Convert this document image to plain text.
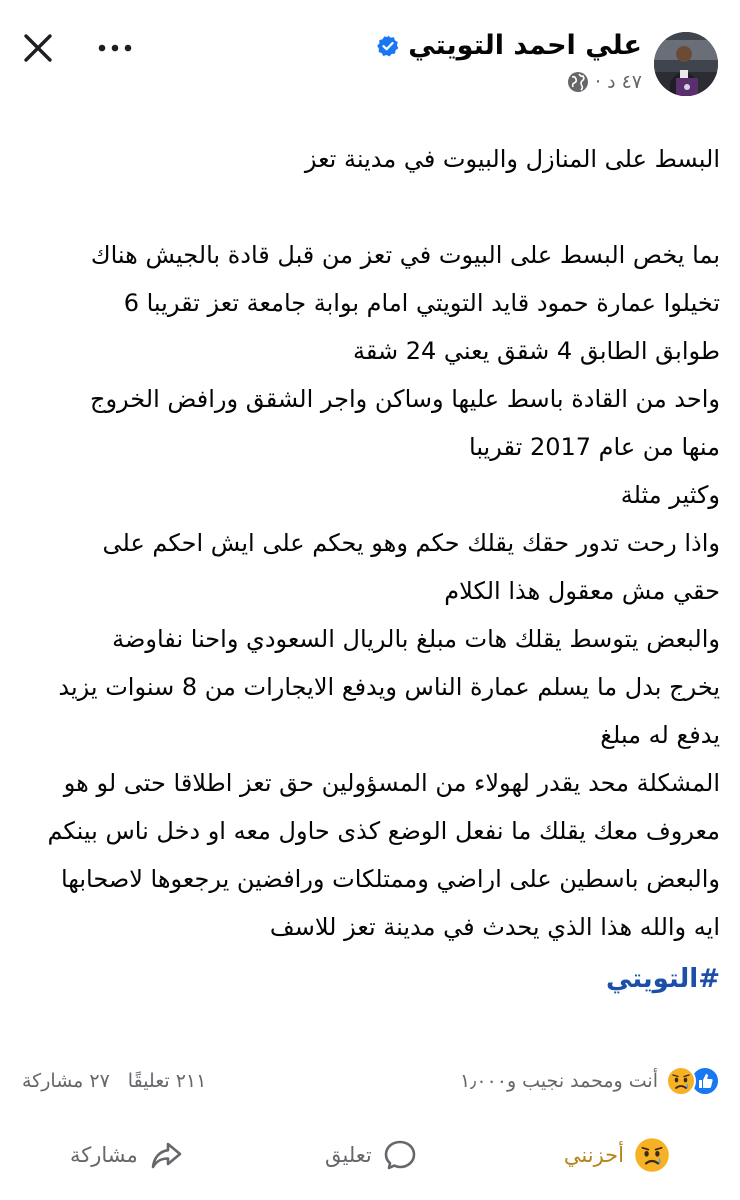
علي احمد التويتي
٤٧ د
·

البسط على المنازل والبيوت في مدينة تعز

بما يخص البسط على البيوت في تعز من قبل قادة بالجيش هناك

تخيلوا عمارة حمود قايد التويتي امام بوابة جامعة تعز تقريبا 6

طوابق الطابق 4 شقق يعني 24 شقة

واحد من القادة باسط عليها وساكن واجر الشقق ورافض الخروج

منها من عام 2017 تقريبا

وكثير مثلة

واذا رحت تدور حقك يقلك حكم وهو يحكم على ايش احكم على

حقي مش معقول هذا الكلام

والبعض يتوسط يقلك هات مبلغ بالريال السعودي واحنا نفاوضة

يخرج بدل ما يسلم عمارة الناس ويدفع الايجارات من 8 سنوات يزيد

يدفع له مبلغ

المشكلة محد يقدر لهولاء من المسؤولين حق تعز اطلاقا حتى لو هو

معروف معك يقلك ما نفعل الوضع كذى حاول معه او دخل ناس بينكم

والبعض باسطين على اراضي وممتلكات ورافضين يرجعوها لاصحابها

ايه والله هذا الذي يحدث في مدينة تعز للاسف

#التويتي

أنت ومحمد نجيب و١٫٠٠٠
٢١١ تعليقًا
٢٧ مشاركة
أحزنني
تعليق
مشاركة
